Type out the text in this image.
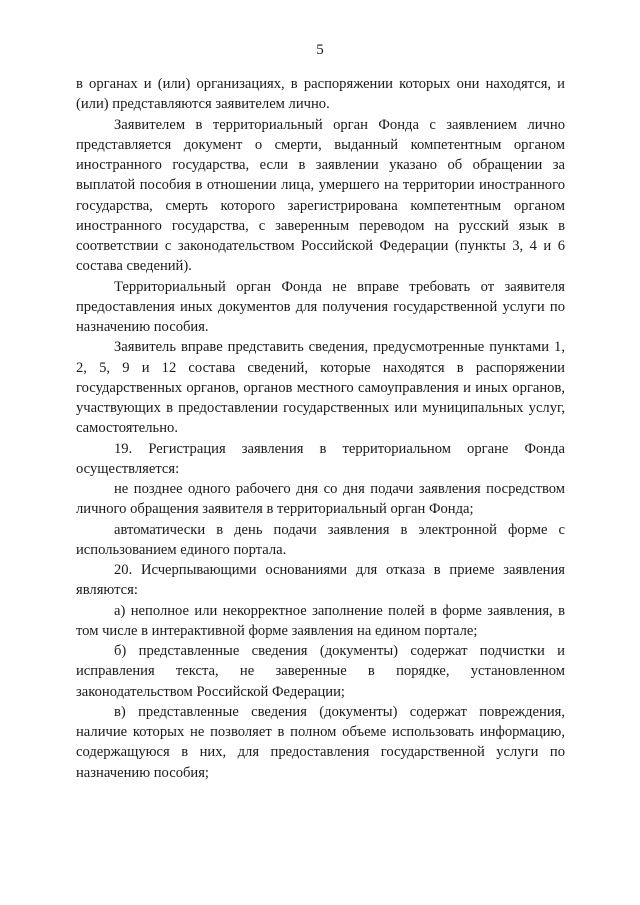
5

в органах и (или) организациях, в распоряжении которых они находятся, и (или) представляются заявителем лично.

Заявителем в территориальный орган Фонда с заявлением лично представляется документ о смерти, выданный компетентным органом иностранного государства, если в заявлении указано об обращении за выплатой пособия в отношении лица, умершего на территории иностранного государства, смерть которого зарегистрирована компетентным органом иностранного государства, с заверенным переводом на русский язык в соответствии с законодательством Российской Федерации (пункты 3, 4 и 6 состава сведений).

Территориальный орган Фонда не вправе требовать от заявителя предоставления иных документов для получения государственной услуги по назначению пособия.

Заявитель вправе представить сведения, предусмотренные пунктами 1, 2, 5, 9 и 12 состава сведений, которые находятся в распоряжении государственных органов, органов местного самоуправления и иных органов, участвующих в предоставлении государственных или муниципальных услуг, самостоятельно.

19. Регистрация заявления в территориальном органе Фонда осуществляется:

не позднее одного рабочего дня со дня подачи заявления посредством личного обращения заявителя в территориальный орган Фонда;

автоматически в день подачи заявления в электронной форме с использованием единого портала.

20. Исчерпывающими основаниями для отказа в приеме заявления являются:

а) неполное или некорректное заполнение полей в форме заявления, в том числе в интерактивной форме заявления на едином портале;

б) представленные сведения (документы) содержат подчистки и исправления текста, не заверенные в порядке, установленном законодательством Российской Федерации;

в) представленные сведения (документы) содержат повреждения, наличие которых не позволяет в полном объеме использовать информацию, содержащуюся в них, для предоставления государственной услуги по назначению пособия;
